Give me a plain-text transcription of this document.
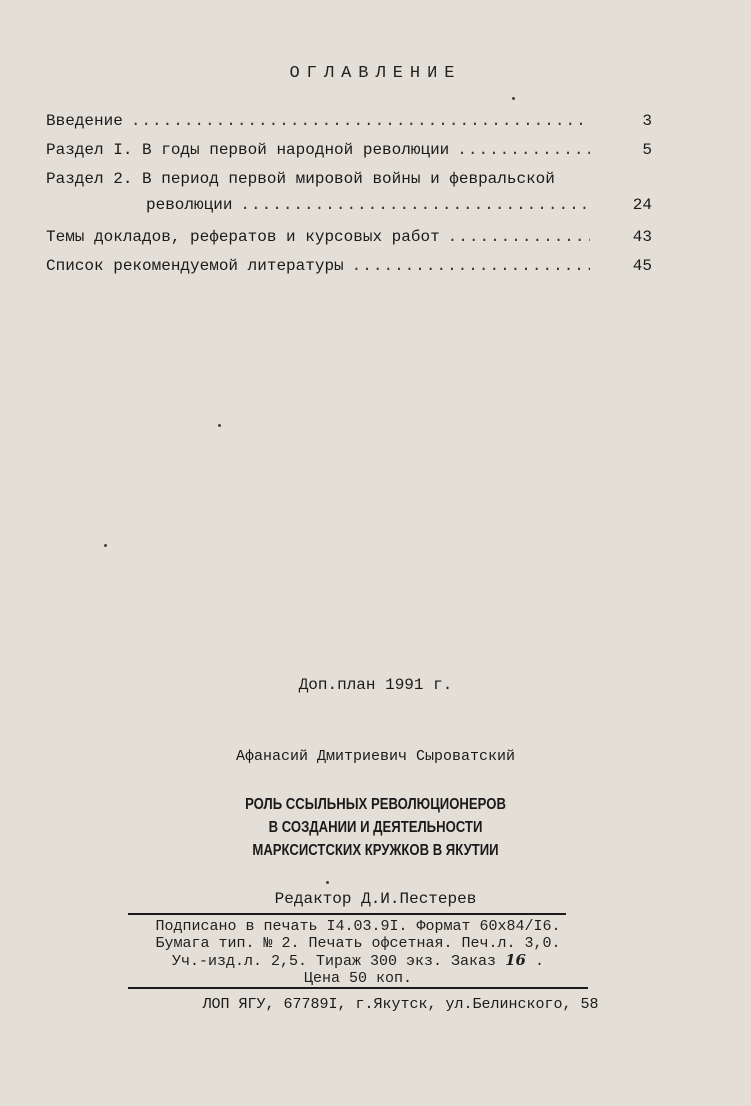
ОГЛАВЛЕНИЕ
Введение .....	3
Раздел I. В годы первой народной революции .....	5
Раздел 2. В период первой мировой войны и февральской
революции .....	24
Темы докладов, рефератов и курсовых работ .....	43
Список рекомендуемой литературы .....	45
Доп.план 1991 г.
Афанасий Дмитриевич Сыроватский
РОЛЬ ССЫЛЬНЫХ РЕВОЛЮЦИОНЕРОВ
В СОЗДАНИИ И ДЕЯТЕЛЬНОСТИ
МАРКСИСТСКИХ КРУЖКОВ В ЯКУТИИ
Редактор Д.И.Пестерев
Подписано в печать I4.03.9I. Формат 60х84/I6.
Бумага тип. № 2. Печать офсетная. Печ.л. 3,0.
Уч.-изд.л. 2,5. Тираж 300 экз. Заказ 16 .
Цена 50 коп.
ЛОП ЯГУ, 67789I, г.Якутск, ул.Белинского, 58
